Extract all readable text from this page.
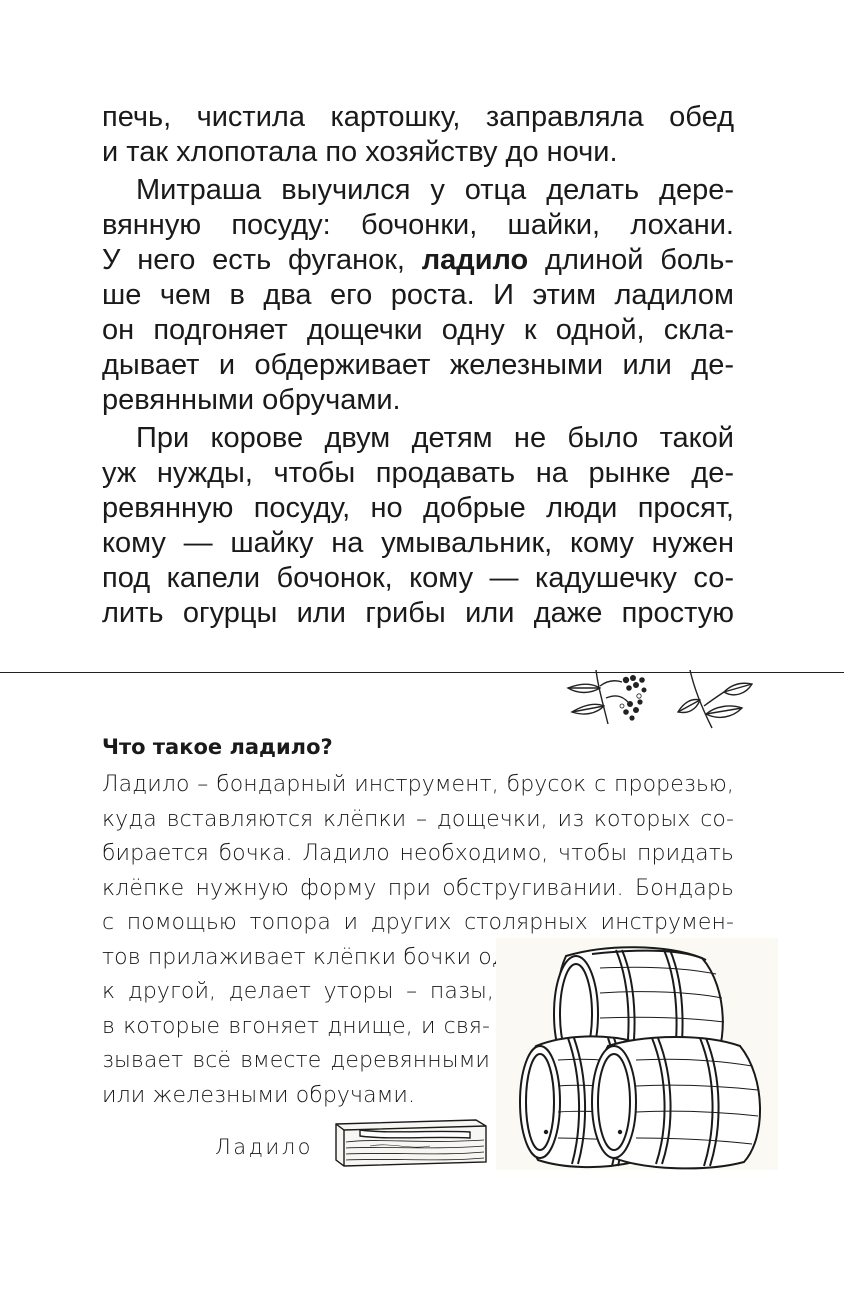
печь, чистила картошку, заправляла обед
и так хлопотала по хозяйству до ночи.

Митраша выучился у отца делать дере-
вянную посуду: бочонки, шайки, лохани.
У него есть фуганок, ладило длиной боль-
ше чем в два его роста. И этим ладилом
он подгоняет дощечки одну к одной, скла-
дывает и обдерживает железными или де-
ревянными обручами.

При корове двум детям не было такой
уж нужды, чтобы продавать на рынке де-
ревянную посуду, но добрые люди просят,
кому — шайку на умывальник, кому нужен
под капели бочонок, кому — кадушечку со-
лить огурцы или грибы или даже простую

Что такое ладило?
Ладило – бондарный инструмент, брусок с прорезью,
куда вставляются клёпки – дощечки, из которых со-
бирается бочка. Ладило необходимо, чтобы придать
клёпке нужную форму при обстругивании. Бондарь
с помощью топора и других столярных инструмен-
тов прилаживает клёпки бочки одна
к другой, делает уторы – пазы,
в которые вгоняет днище, и свя-
зывает всё вместе деревянными
или железными обручами.
Ладило
